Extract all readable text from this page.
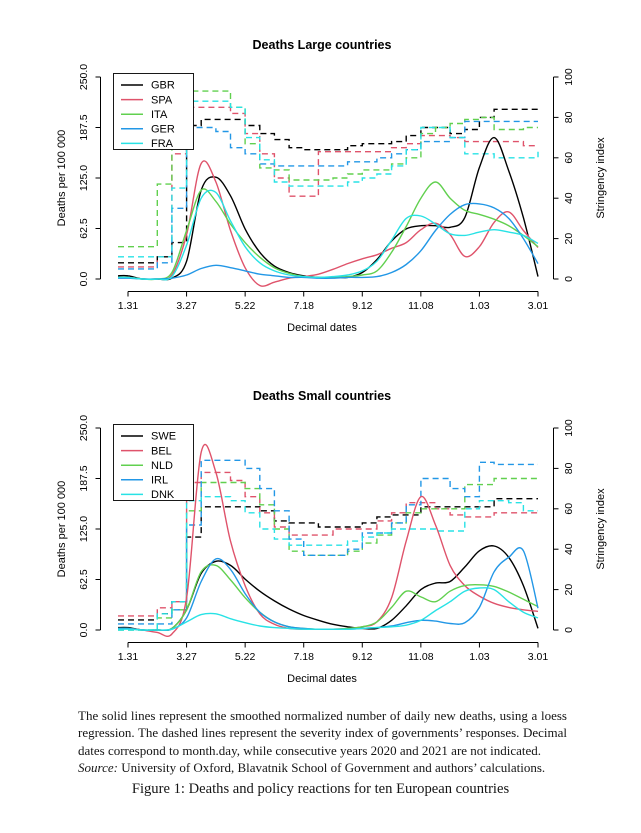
Deaths Large countries
0.0
62.5
125.0
187.5
250.0
Deaths per 100 000
0
20
40
60
80
100
Stringency index
1.31	3.27	5.22	7.18	9.12	11.08	1.03	3.01
Decimal dates
GBR
SPA
ITA
GER
FRA
Deaths Small countries
0.0
62.5
125.0
187.5
250.0
Deaths per 100 000
0
20
40
60
80
100
Stringency index
1.31	3.27	5.22	7.18	9.12	11.08	1.03	3.01
Decimal dates
SWE
BEL
NLD
IRL
DNK
The solid lines represent the smoothed normalized number of daily new deaths, using a loess regression. The dashed lines represent the severity index of governments’ responses. Decimal dates correspond to month.day, while consecutive years 2020 and 2021 are not indicated.
Source: University of Oxford, Blavatnik School of Government and authors’ calculations.
Figure 1: Deaths and policy reactions for ten European countries
